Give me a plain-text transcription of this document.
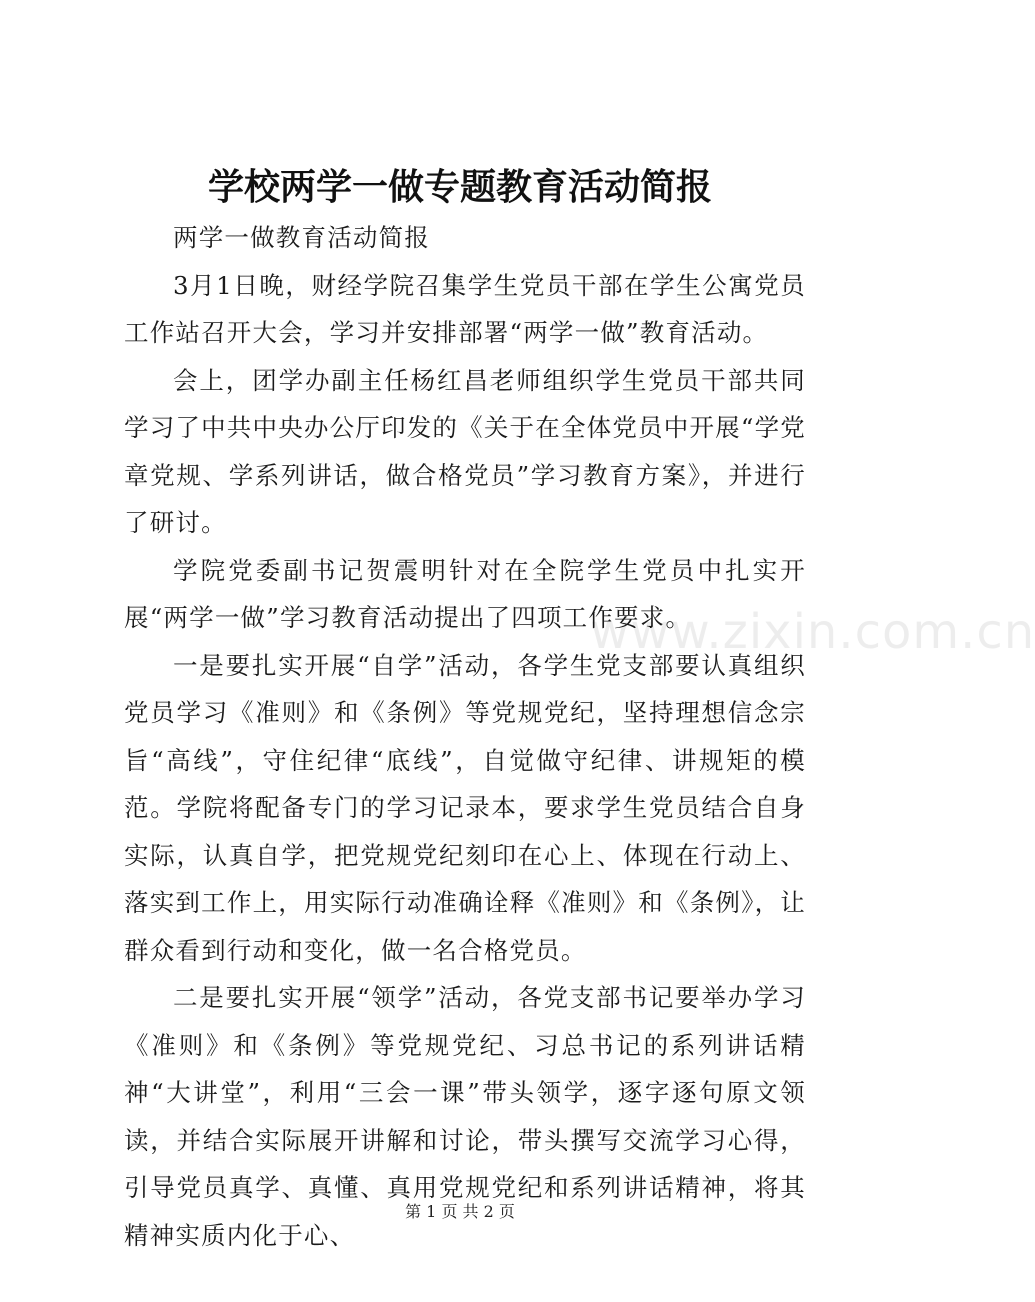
学校两学一做专题教育活动简报

两学一做教育活动简报

3月1日晚，财经学院召集学生党员干部在学生公寓党员工作站召开大会，学习并安排部署“两学一做”教育活动。

会上，团学办副主任杨红昌老师组织学生党员干部共同学习了中共中央办公厅印发的《关于在全体党员中开展“学党章党规、学系列讲话，做合格党员”学习教育方案》，并进行了研讨。

学院党委副书记贺震明针对在全院学生党员中扎实开展“两学一做”学习教育活动提出了四项工作要求。

一是要扎实开展“自学”活动，各学生党支部要认真组织党员学习《准则》和《条例》等党规党纪，坚持理想信念宗旨“高线”，守住纪律“底线”，自觉做守纪律、讲规矩的模范。学院将配备专门的学习记录本，要求学生党员结合自身实际，认真自学，把党规党纪刻印在心上、体现在行动上、落实到工作上，用实际行动准确诠释《准则》和《条例》，让群众看到行动和变化，做一名合格党员。

二是要扎实开展“领学”活动，各党支部书记要举办学习《准则》和《条例》等党规党纪、习总书记的系列讲话精神“大讲堂”，利用“三会一课”带头领学，逐字逐句原文领读，并结合实际展开讲解和讨论，带头撰写交流学习心得，引导党员真学、真懂、真用党规党纪和系列讲话精神，将其精神实质内化于心、

www.zixin.com.cn
第 1 页 共 2 页
